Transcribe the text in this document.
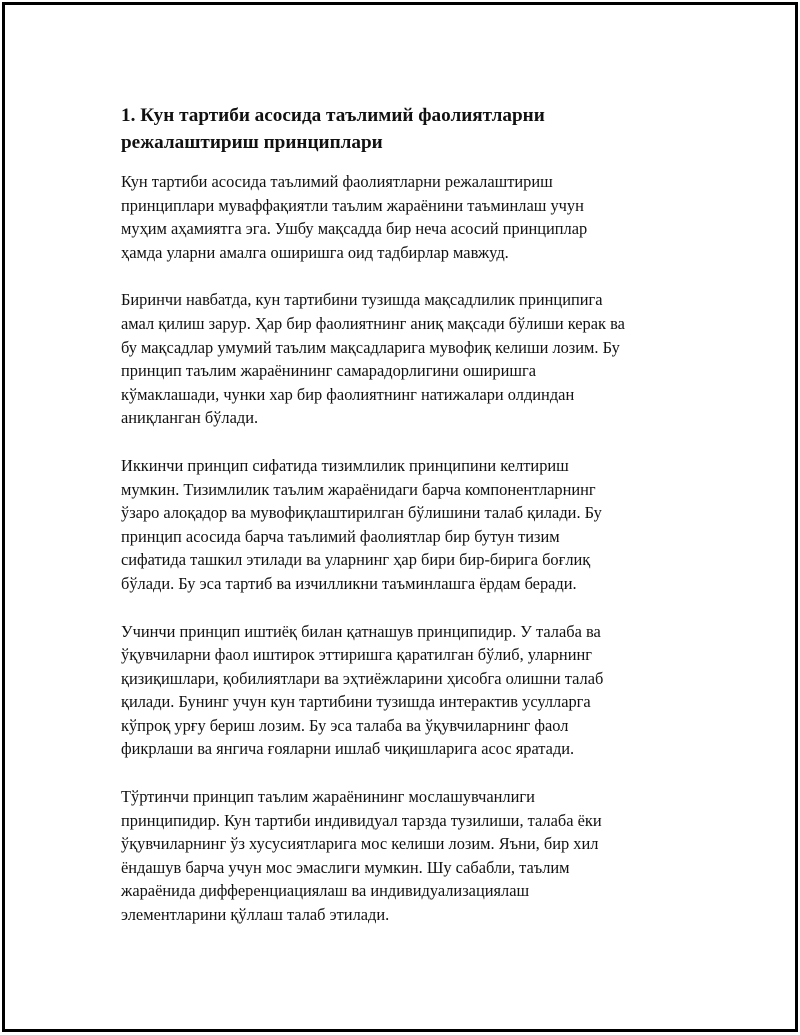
1. Кун тартиби асосида таълимий фаолиятларни
режалаштириш принциплари

Кун тартиби асосида таълимий фаолиятларни режалаштириш
принциплари муваффақиятли таълим жараёнини таъминлаш учун
муҳим аҳамиятга эга. Ушбу мақсадда бир неча асосий принциплар
ҳамда уларни амалга оширишга оид тадбирлар мавжуд.

Биринчи навбатда, кун тартибини тузишда мақсадлилик принципига
амал қилиш зарур. Ҳар бир фаолиятнинг аниқ мақсади бўлиши керак ва
бу мақсадлар умумий таълим мақсадларига мувофиқ келиши лозим. Бу
принцип таълим жараёнининг самарадорлигини оширишга
кўмаклашади, чунки хар бир фаолиятнинг натижалари олдиндан
аниқланган бўлади.

Иккинчи принцип сифатида тизимлилик принципини келтириш
мумкин. Тизимлилик таълим жараёнидаги барча компонентларнинг
ўзаро алоқадор ва мувофиқлаштирилган бўлишини талаб қилади. Бу
принцип асосида барча таълимий фаолиятлар бир бутун тизим
сифатида ташкил этилади ва уларнинг ҳар бири бир-бирига боғлиқ
бўлади. Бу эса тартиб ва изчилликни таъминлашга ёрдам беради.

Учинчи принцип иштиёқ билан қатнашув принципидир. У талаба ва
ўқувчиларни фаол иштирок эттиришга қаратилган бўлиб, уларнинг
қизиқишлари, қобилиятлари ва эҳтиёжларини ҳисобга олишни талаб
қилади. Бунинг учун кун тартибини тузишда интерактив усулларга
кўпроқ урғу бериш лозим. Бу эса талаба ва ўқувчиларнинг фаол
фикрлаши ва янгича ғояларни ишлаб чиқишларига асос яратади.

Тўртинчи принцип таълим жараёнининг мослашувчанлиги
принципидир. Кун тартиби индивидуал тарзда тузилиши, талаба ёки
ўқувчиларнинг ўз хусусиятларига мос келиши лозим. Яъни, бир хил
ёндашув барча учун мос эмаслиги мумкин. Шу сабабли, таълим
жараёнида дифференциациялаш ва индивидуализациялаш
элементларини қўллаш талаб этилади.
